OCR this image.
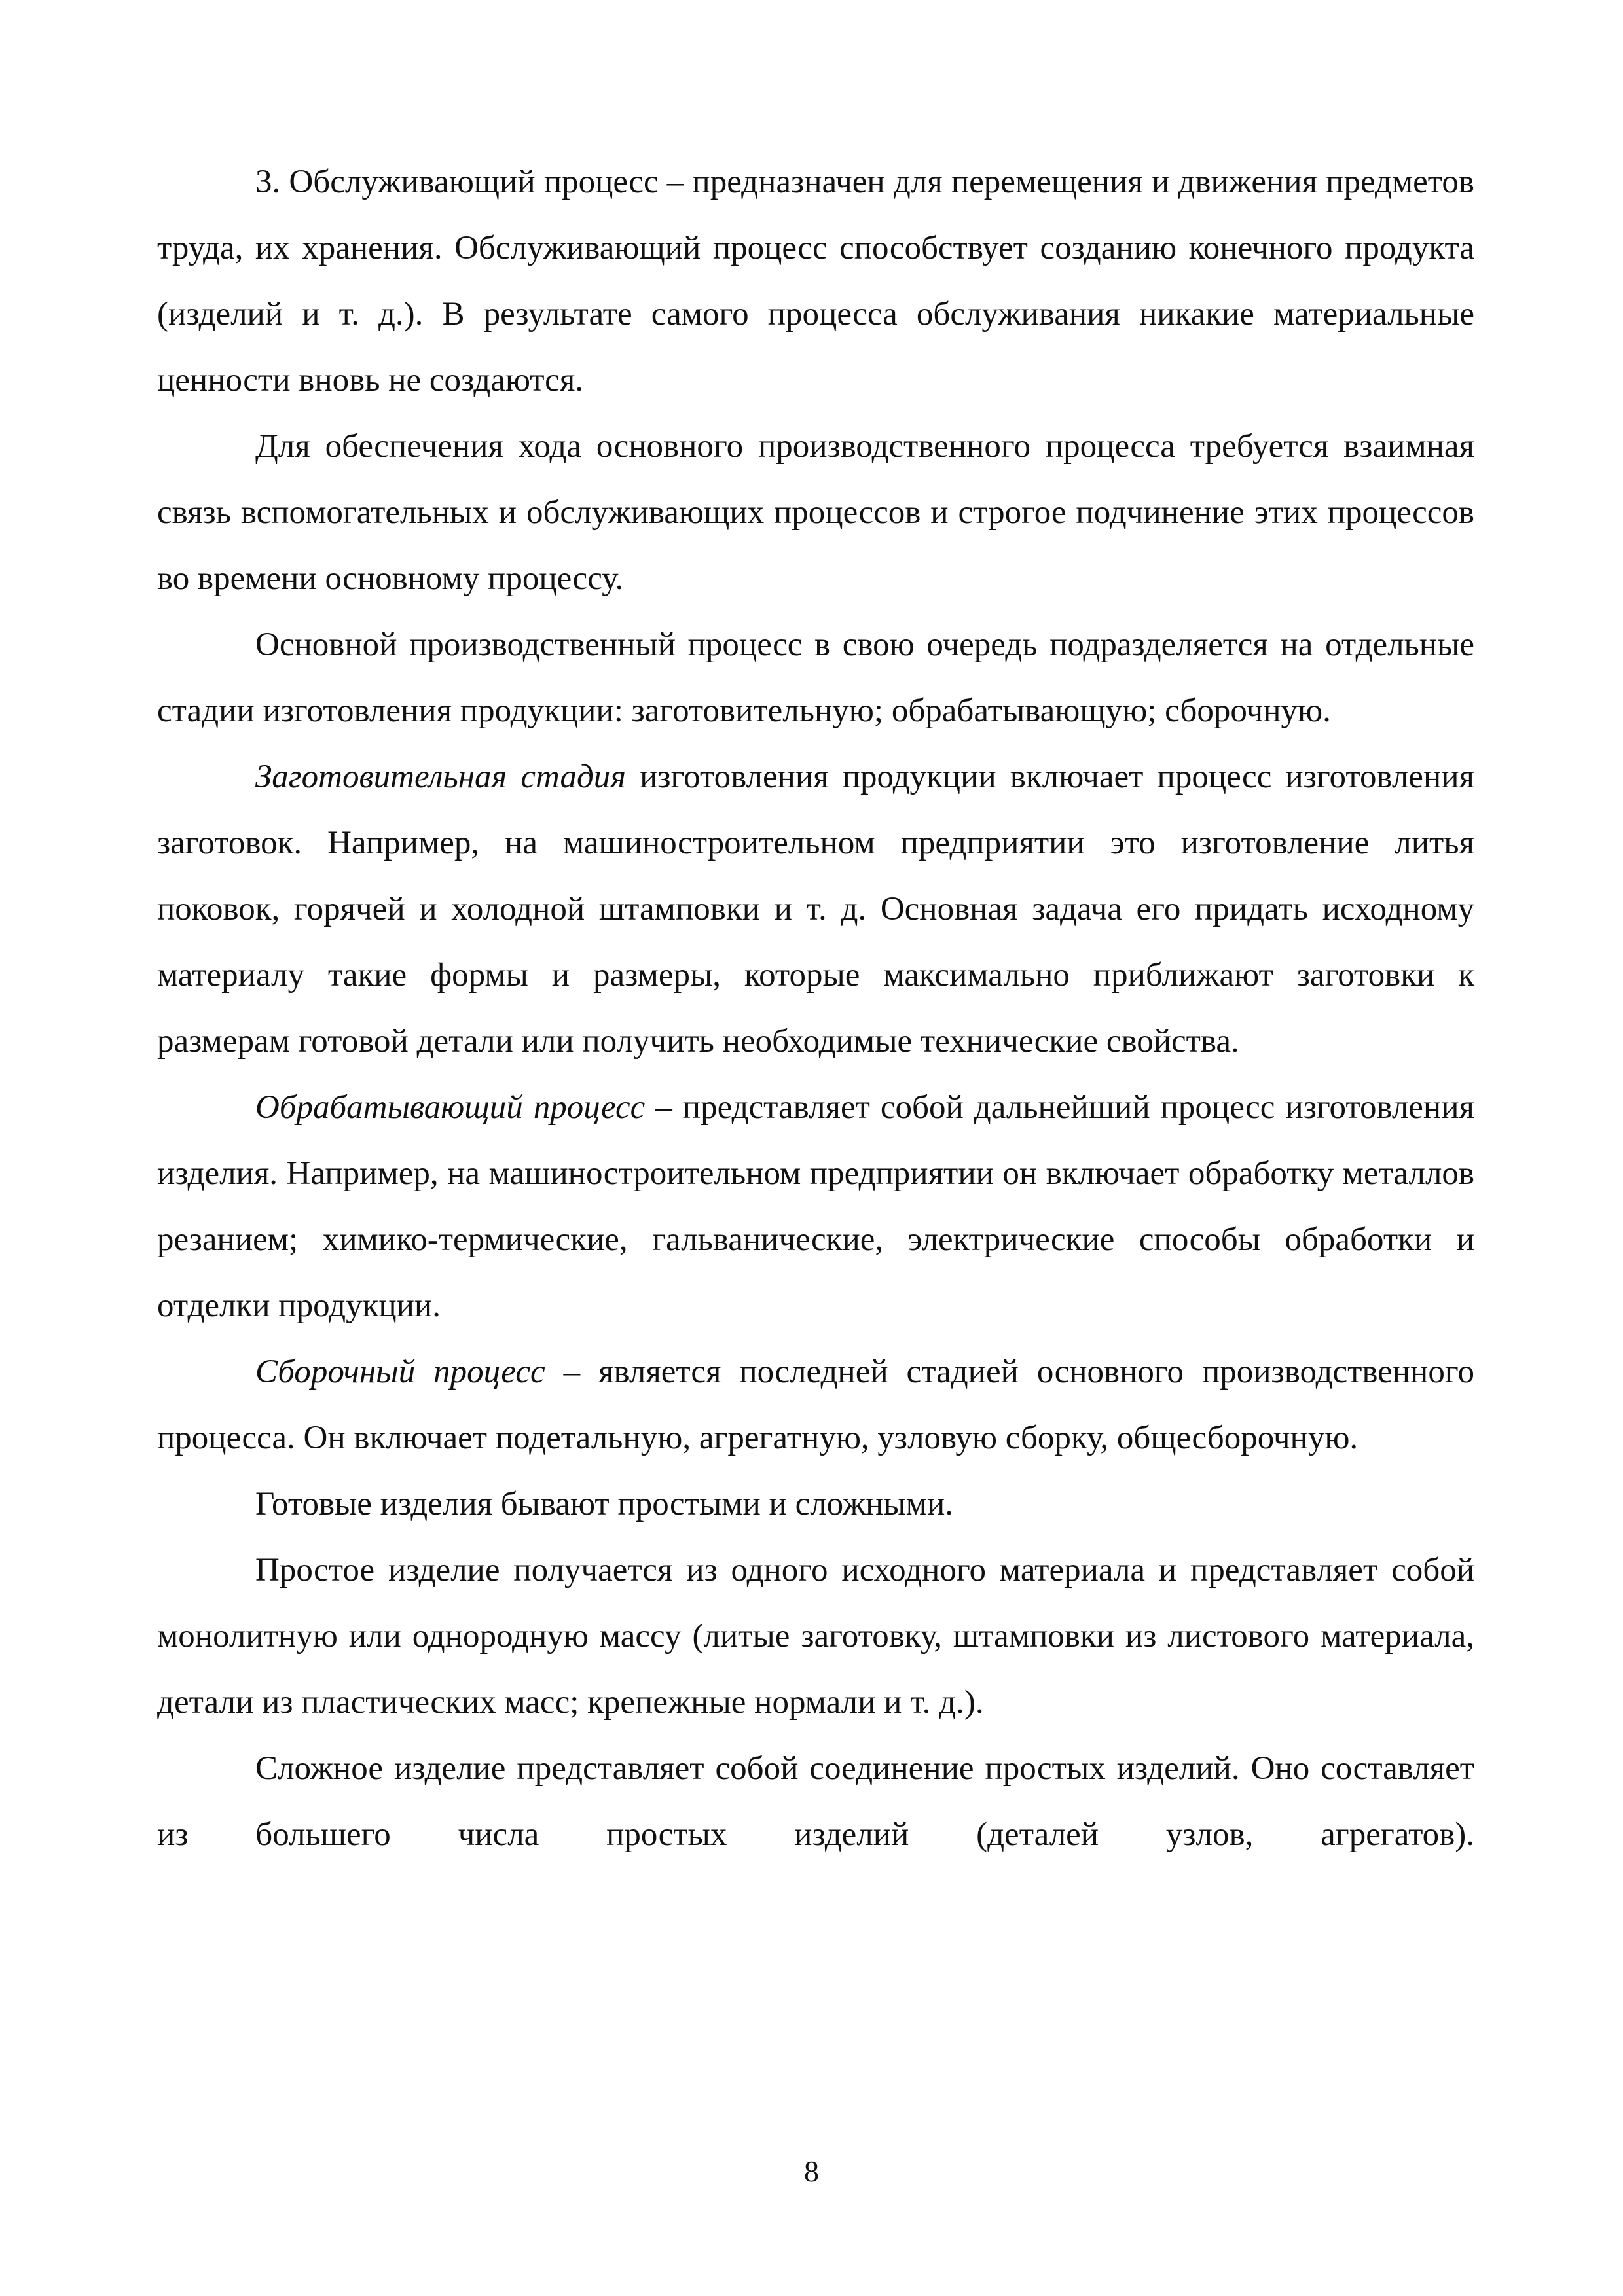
3. Обслуживающий процесс – предназначен для перемещения и движения предметов труда, их хранения. Обслуживающий процесс способствует созданию конечного продукта (изделий и т. д.). В результате самого процесса обслуживания никакие материальные ценности вновь не создаются.

Для обеспечения хода основного производственного процесса требуется взаимная связь вспомогательных и обслуживающих процессов и строгое подчинение этих процессов во времени основному процессу.

Основной производственный процесс в свою очередь подразделяется на отдельные стадии изготовления продукции: заготовительную; обрабатывающую; сборочную.

Заготовительная стадия изготовления продукции включает процесс изготовления заготовок. Например, на машиностроительном предприятии это изготовление литья поковок, горячей и холодной штамповки и т. д. Основная задача его придать исходному материалу такие формы и размеры, которые максимально приближают заготовки к размерам готовой детали или получить необходимые технические свойства.

Обрабатывающий процесс – представляет собой дальнейший процесс изготовления изделия. Например, на машиностроительном предприятии он включает обработку металлов резанием; химико-термические, гальванические, электрические способы обработки и отделки продукции.

Сборочный процесс – является последней стадией основного производственного процесса. Он включает подетальную, агрегатную, узловую сборку, общесборочную.

Готовые изделия бывают простыми и сложными.

Простое изделие получается из одного исходного материала и представляет собой монолитную или однородную массу (литые заготовку, штамповки из листового материала, детали из пластических масс; крепежные нормали и т. д.).

Сложное изделие представляет собой соединение простых изделий. Оно составляет из большего числа простых изделий (деталей узлов, агрегатов).

8
